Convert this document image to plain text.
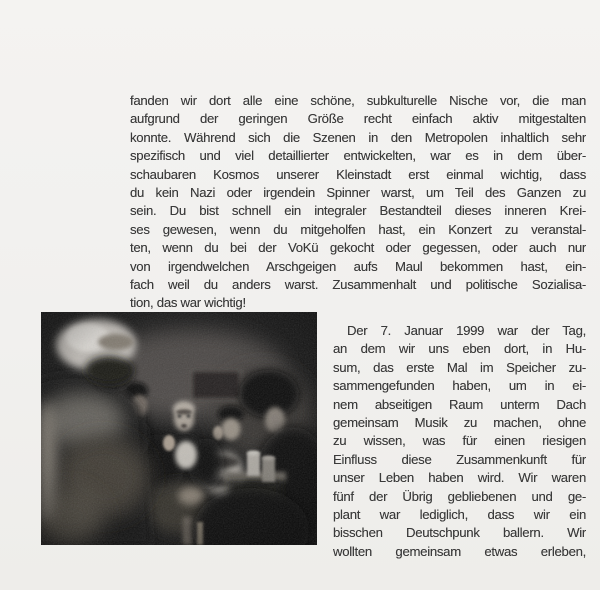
fanden wir dort alle eine schöne, subkulturelle Nische vor, die man
aufgrund der geringen Größe recht einfach aktiv mitgestalten
konnte. Während sich die Szenen in den Metropolen inhaltlich sehr
spezifisch und viel detaillierter entwickelten, war es in dem über-
schaubaren Kosmos unserer Kleinstadt erst einmal wichtig, dass
du kein Nazi oder irgendein Spinner warst, um Teil des Ganzen zu
sein. Du bist schnell ein integraler Bestandteil dieses inneren Krei-
ses gewesen, wenn du mitgeholfen hast, ein Konzert zu veranstal-
ten, wenn du bei der VoKü gekocht oder gegessen, oder auch nur
von irgendwelchen Arschgeigen aufs Maul bekommen hast, ein-
fach weil du anders warst. Zusammenhalt und politische Sozialisa-
tion, das war wichtig!
Der 7. Januar 1999 war der Tag,
an dem wir uns eben dort, in Hu-
sum, das erste Mal im Speicher zu-
sammengefunden haben, um in ei-
nem abseitigen Raum unterm Dach
gemeinsam Musik zu machen, ohne
zu wissen, was für einen riesigen
Einfluss diese Zusammenkunft für
unser Leben haben wird. Wir waren
fünf der Übrig gebliebenen und ge-
plant war lediglich, dass wir ein
bisschen Deutschpunk ballern. Wir
wollten gemeinsam etwas erleben,
